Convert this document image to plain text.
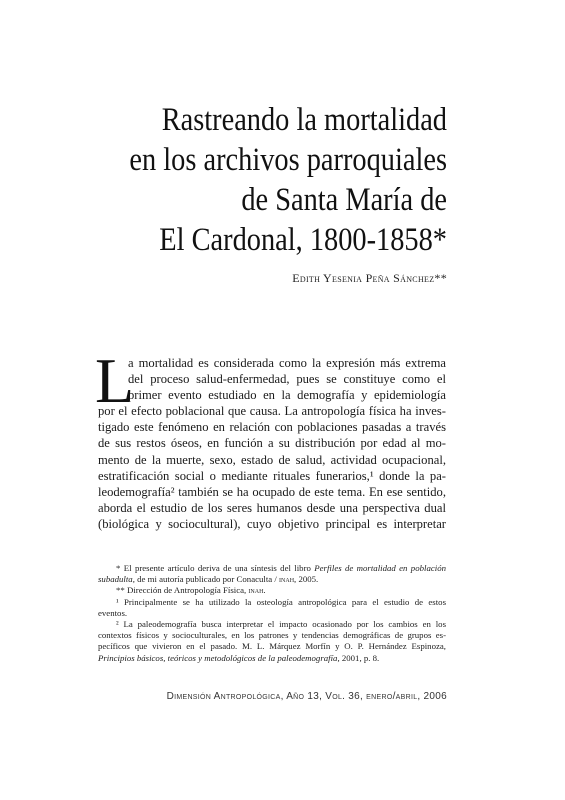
Rastreando la mortalidad
en los archivos parroquiales
de Santa María de
El Cardonal, 1800-1858*
Edith Yesenia Peña Sánchez**
L
a mortalidad es considerada como la expresión más extrema
del proceso salud-enfermedad, pues se constituye como el
primer evento estudiado en la demografía y epidemiología
por el efecto poblacional que causa. La antropología física ha inves-
tigado este fenómeno en relación con poblaciones pasadas a través
de sus restos óseos, en función a su distribución por edad al mo-
mento de la muerte, sexo, estado de salud, actividad ocupacional,
estratificación social o mediante rituales funerarios,¹ donde la pa-
leodemografía² también se ha ocupado de este tema. En ese sentido,
aborda el estudio de los seres humanos desde una perspectiva dual
(biológica y sociocultural), cuyo objetivo principal es interpretar
* El presente artículo deriva de una síntesis del libro Perfiles de mortalidad en población
subadulta, de mi autoría publicado por Conaculta / inah, 2005.
** Dirección de Antropología Física, inah.
¹ Principalmente se ha utilizado la osteología antropológica para el estudio de estos
eventos.
² La paleodemografía busca interpretar el impacto ocasionado por los cambios en los
contextos físicos y socioculturales, en los patrones y tendencias demográficas de grupos es-
pecíficos que vivieron en el pasado. M. L. Márquez Morfín y O. P. Hernández Espinoza,
Principios básicos, teóricos y metodológicos de la paleodemografía, 2001, p. 8.
Dimensión Antropológica, Año 13, Vol. 36, enero/abril, 2006
